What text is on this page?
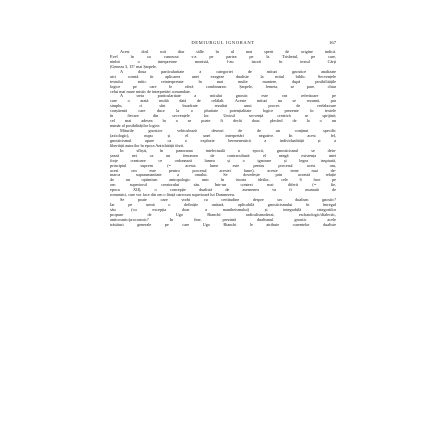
DEMIURGUL IGNORANT	167
Acest dosl mit diar sălle în ul mat sperit de origine indică.
Evel în cu cunoscut s-a pe partea pe la Trisbetul, pe care,
ninbit o interpretare monistă, l-au istorii în textul Cărți
(Geneza 3, 15° mai Șarpele.
A doua particularitate a categoriei de mituri gnostice analizate
aici constă în aplicarea unei exegeze dualiste la mitul biblic. Secvențele
textului mitic reinterpretate în mai multe maniere, după posibilitățile
logice pe care le oferă combinarea: Șarpele, femeia, se pare, chiar
celui mai mare mistic de interpretări comandate.
A treia particularitate a mitului gnostic este cea referitoare pe
care o arată multă dată de celălalt. Aceste mituri nu se rezumă, par
simplu, ci sînt încadrate rezultat unui proces de reelaborare
conștientă care duce la o pluritate potențialitate logice prezente în textele
în fiecare din secvențele lor. Unicul secvență creativă se sprijină;
cel mai adesea în a se poate fi decât doar, plecînd de la o un
număr al posibilităților logice.
Miturile gnostice vehiculează deseori de de un conținut specific
(axiologic), nupu și el unei interpretări negative. În acest fel,
gnosticismul apare ca o explozie hermeneutică a individualității și a
libertății autorilor în epoca Antichității tîrzii.
În sfîrșit, în panorama intelectuală a epocii, gnosticismul se deta-
șează net ca un fenomen de contracultură: el neagă existența unei
forțe creatoare ce ordonează lumea și o ignorare și legea inspirată,
principiul suprem (= acesta lume este pentru procesul acest om,
acest om este pentru procesul acestei lume), aceste teme mai de-
marca supraumanitate a omului. Se dovedește prin această relație
de un optimism antropologic unic în istoria ideilor, cele 6 face pe
om superiorul creatorului său. Într-un context mai diferit (= fie,
epoca XII), o concepție dualistă de asemenea va fi asumată de
romantici, care vor face din om o ființă oarecum superioară lui Dumnezeu.
Se poate oare vorbi cu certitudine despre un dualism gnostic?
Iar pe urmă o definiție unitară, aplicabilă gnosticismului în întregul
său (cu excepția doar a maniheismului) și integrabilă categoriilor
propuse de Ugo Bianchi: radicalismoderat, eschatologic/dialectic,
anticosmic/procosmic? În fine, prezintă dualismul gnostic acele
trăsături generale pe care Ugo Bianchi le atribuie curentelor dualiste
